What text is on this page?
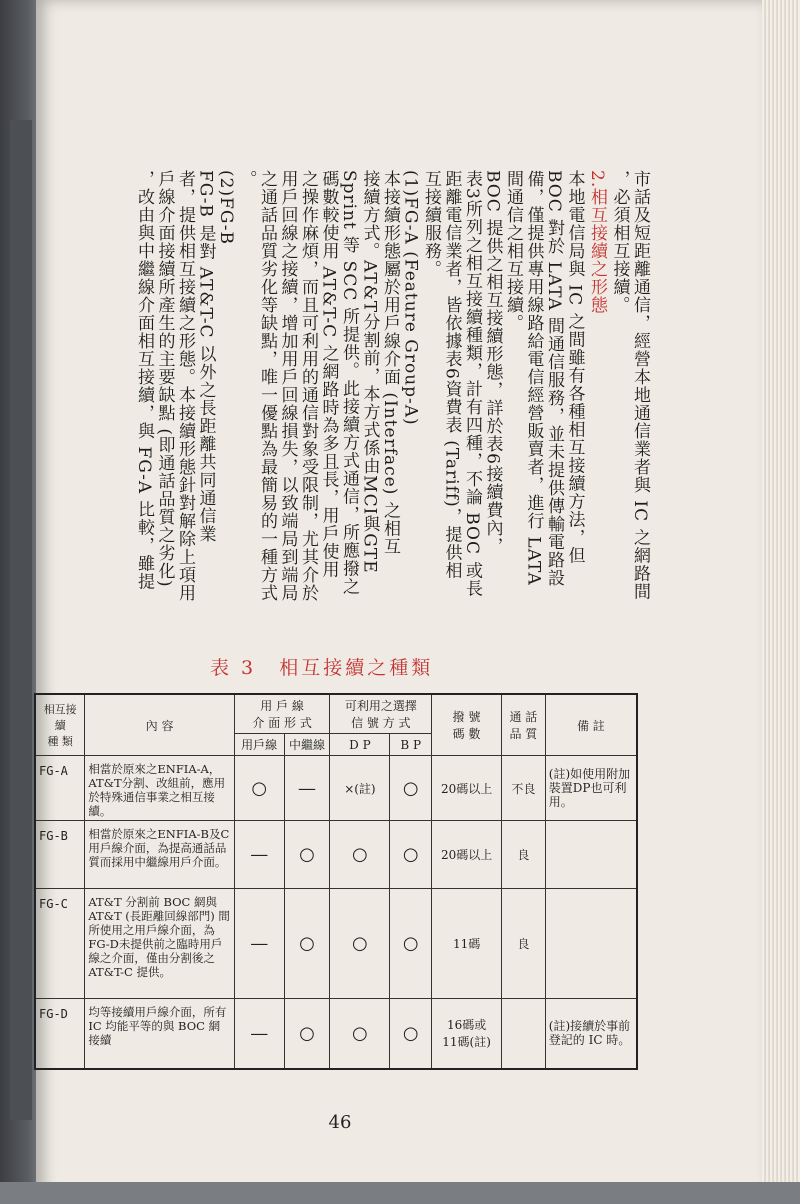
市話及短距離通信，經營本地通信業者與 IC 之網路間

，必須相互接續。

2.相互接續之形態

本地電信局與 IC 之間雖有各種相互接續方法，但

BOC 對於 LATA 間通信服務，並未提供傳輸電路設

備，僅提供專用線路給電信經營販賣者，進行 LATA

間通信之相互接續。

BOC 提供之相互接續形態，詳於表6接續費內，

表3所列之相互接續種類，計有四種，不論 BOC 或長

距離電信業者，皆依據表6資費表 (Tariff)，提供相

互接續服務。

(1)FG-A (Feature Group-A)

本接續形態屬於用戶線介面 (Interface) 之相互

接續方式。AT&T分割前，本方式係由MCI與GTE

Sprint 等 SCC 所提供。此接續方式通信，所應撥之

碼數較使用 AT&T-C 之網路時為多且長，用戶使用

之操作麻煩，而且可利用的通信對象受限制，尤其介於

用戶回線之接續，增加用戶回線損失，以致端局到端局

之通話品質劣化等缺點，唯一優點為最簡易的一種方式

。

(2)FG-B

FG-B 是對 AT&T-C 以外之長距離共同通信業

者，提供相互接續之形態。本接續形態針對解除上項用

戶線介面接續所產生的主要缺點 (即通話品質之劣化)

，改由與中繼線介面相互接續，與 FG-A 比較，雖提

表 3 相互接續之種類
相互接續
種 類	內 容	用 戶 線
介 面 形 式		可利用之選擇
信 號 方 式		撥 號
碼 數	通 話
品 質	備 註
		用戶線	中繼線	D P	B P			
FG-A	相當於原來之ENFIA-A，AT&T分割、改組前，應用於特殊通信事業之相互接續。	○	—	×(註)	○	20碼以上	不良	(註)如使用附加裝置DP也可利用。
FG-B	相當於原來之ENFIA-B及C用戶線介面，為提高通話品質而採用中繼線用戶介面。	—	○	○	○	20碼以上	良	
FG-C	AT&T 分割前 BOC 網與 AT&T (長距離回線部門) 間所使用之用戶線介面，為FG-D未提供前之臨時用戶線之介面，僅由分割後之AT&T-C 提供。	—	○	○	○	11碼	良	
FG-D	均等接續用戶線介面，所有 IC 均能平等的與 BOC 網接續	—	○	○	○	16碼或
11碼(註)		(註)接續於事前登記的 IC 時。
46
